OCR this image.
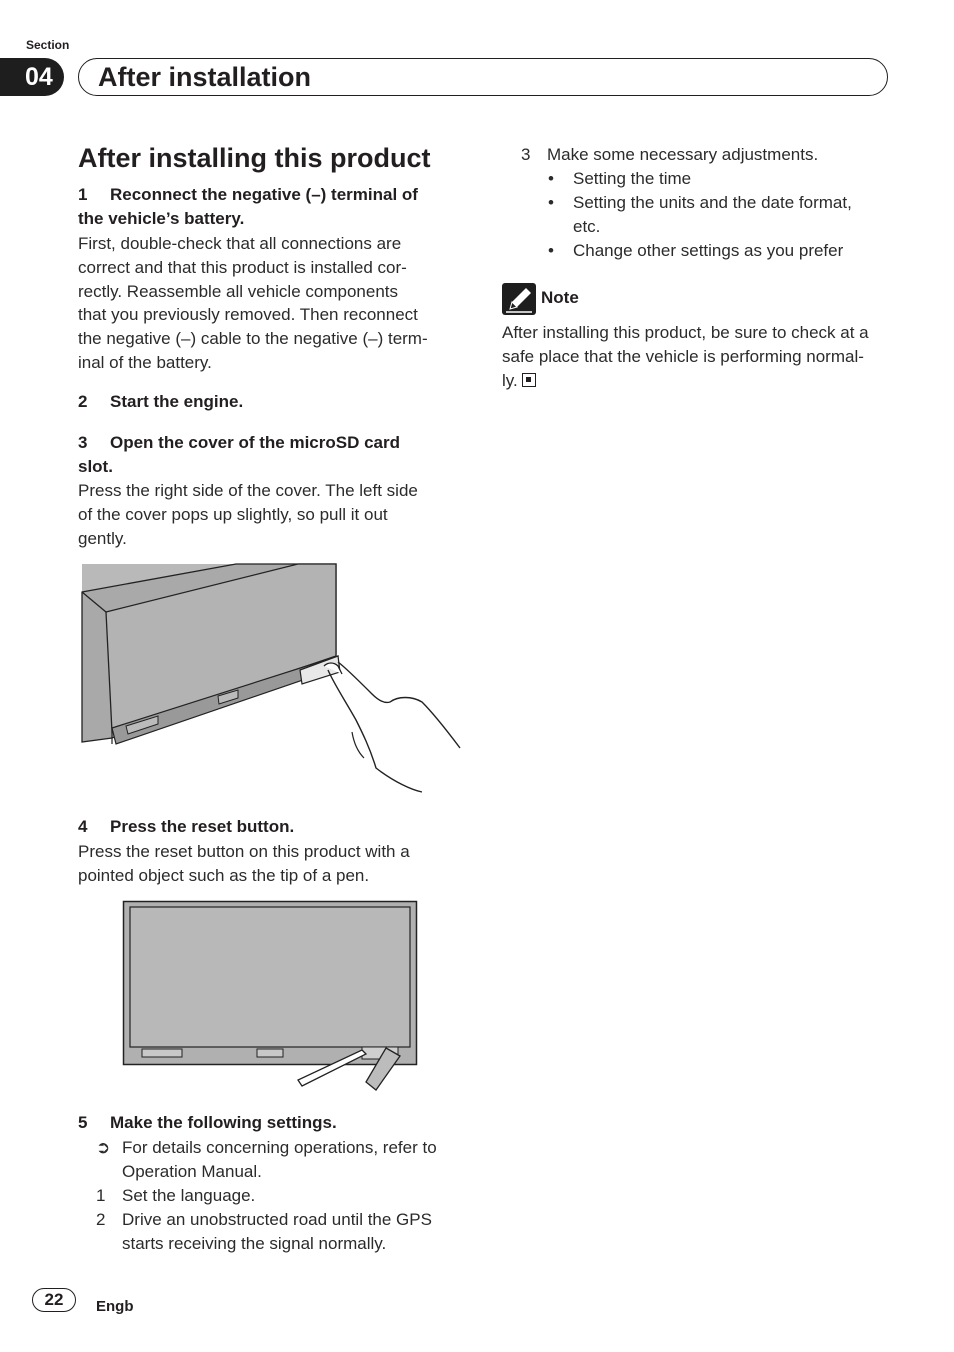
Section
04	After installation
After installing this product
1 Reconnect the negative (–) terminal of
the vehicle’s battery.
First, double-check that all connections are
correct and that this product is installed cor-
rectly. Reassemble all vehicle components
that you previously removed. Then reconnect
the negative (–) cable to the negative (–) term-
inal of the battery.
2 Start the engine.
3 Open the cover of the microSD card
slot.
Press the right side of the cover. The left side
of the cover pops up slightly, so pull it out
gently.
4 Press the reset button.
Press the reset button on this product with a
pointed object such as the tip of a pen.
5 Make the following settings.
➲ For details concerning operations, refer to
Operation Manual.
1 Set the language.
2 Drive an unobstructed road until the GPS
starts receiving the signal normally.
3 Make some necessary adjustments.
• Setting the time
• Setting the units and the date format,
etc.
• Change other settings as you prefer
Note
After installing this product, be sure to check at a
safe place that the vehicle is performing normal-
ly.
22	Engb
